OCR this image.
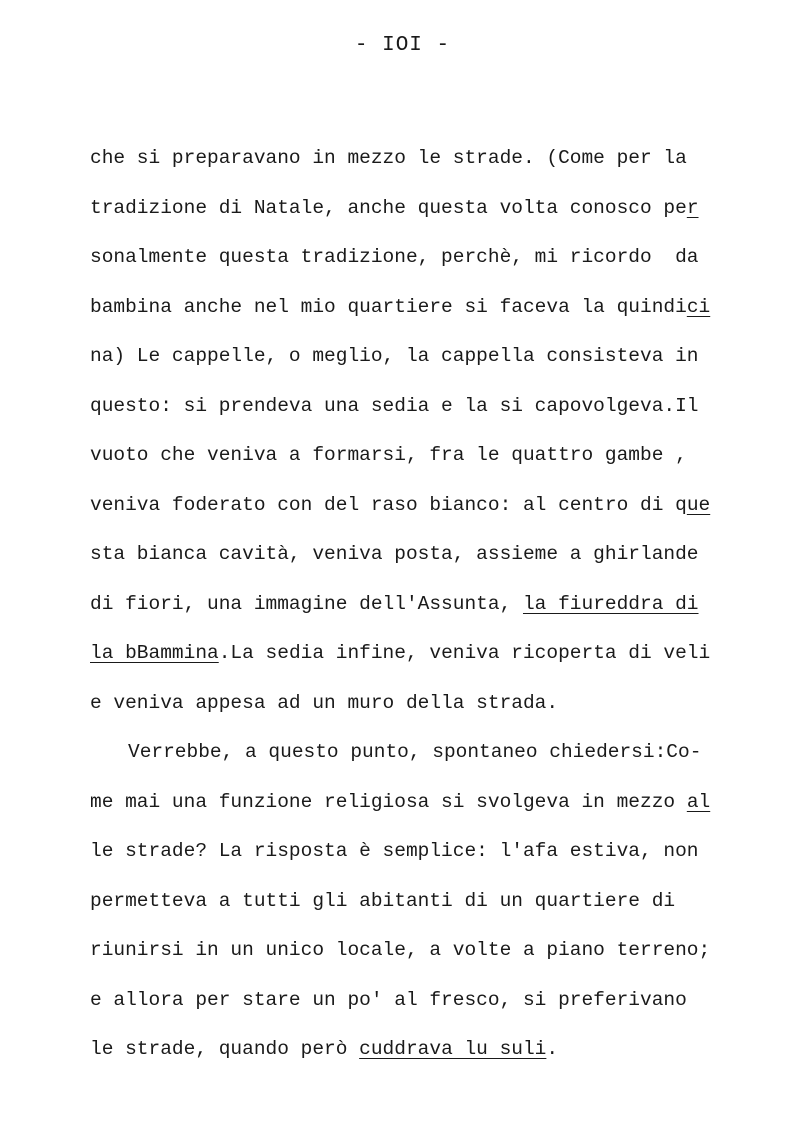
- IOI -
che si preparavano in mezzo le strade. (Come per la
tradizione di Natale, anche questa volta conosco per
sonalmente questa tradizione, perchè, mi ricordo  da
bambina anche nel mio quartiere si faceva la quindici
na) Le cappelle, o meglio, la cappella consisteva in
questo: si prendeva una sedia e la si capovolgeva.Il
vuoto che veniva a formarsi, fra le quattro gambe ,
veniva foderato con del raso bianco: al centro di que
sta bianca cavità, veniva posta, assieme a ghirlande
di fiori, una immagine dell'Assunta, la fiureddra di
la bBammina.La sedia infine, veniva ricoperta di veli
e veniva appesa ad un muro della strada.
Verrebbe, a questo punto, spontaneo chiedersi:Co-
me mai una funzione religiosa si svolgeva in mezzo al
le strade? La risposta è semplice: l'afa estiva, non
permetteva a tutti gli abitanti di un quartiere di
riunirsi in un unico locale, a volte a piano terreno;
e allora per stare un po' al fresco, si preferivano
le strade, quando però cuddrava lu suli.
